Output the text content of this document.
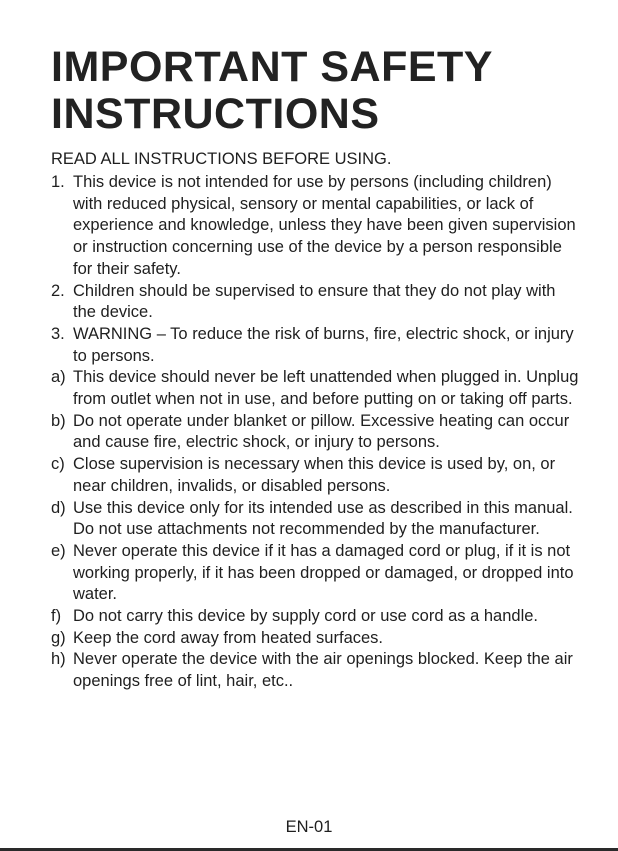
IMPORTANT SAFETY
INSTRUCTIONS

READ ALL INSTRUCTIONS BEFORE USING.

1. This device is not intended for use by persons (including children) with reduced physical, sensory or mental capabilities, or lack of experience and knowledge, unless they have been given supervision or instruction concerning use of the device by a person responsible for their safety.
2. Children should be supervised to ensure that they do not play with the device.
3. WARNING – To reduce the risk of burns, fire, electric shock, or injury to persons.
a) This device should never be left unattended when plugged in. Unplug from outlet when not in use, and before putting on or taking off parts.
b) Do not operate under blanket or pillow. Excessive heating can occur and cause fire, electric shock, or injury to persons.
c) Close supervision is necessary when this device is used by, on, or near children, invalids, or disabled persons.
d) Use this device only for its intended use as described in this manual. Do not use attachments not recommended by the manufacturer.
e) Never operate this device if it has a damaged cord or plug, if it is not working properly, if it has been dropped or damaged, or dropped into water.
f) Do not carry this device by supply cord or use cord as a handle.
g) Keep the cord away from heated surfaces.
h) Never operate the device with the air openings blocked. Keep the air openings free of lint, hair, etc..
EN-01
